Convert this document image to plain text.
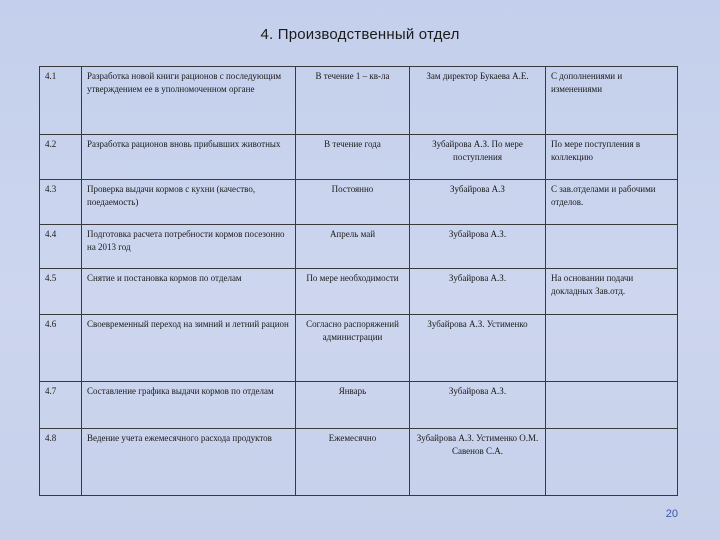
4. Производственный отдел
4.1	Разработка новой книги рационов с последующим утверждением ее в уполномоченном органе	В течение 1 – кв-ла	Зам директор Букаева А.Е.	С дополнениями и изменениями
4.2	Разработка рационов вновь прибывших животных	В течение года	Зубайрова А.З. По мере поступления	По мере поступления в коллекцию
4.3	Проверка выдачи кормов с кухни (качество, поедаемость)	Постоянно	Зубайрова А.З	С зав.отделами и рабочими отделов.
4.4	Подготовка расчета потребности кормов посезонно на 2013 год	Апрель май	Зубайрова А.З.	
4.5	Снятие и постановка кормов по отделам	По мере необходимости	Зубайрова А.З.	На основании подачи докладных Зав.отд.
4.6	Своевременный переход на зимний и летний рацион	Согласно распоряжений администрации	Зубайрова А.З. Устименко	
4.7	Составление графика выдачи кормов по отделам	Январь	Зубайрова А.З.	
4.8	Ведение учета ежемесячного расхода продуктов	Ежемесячно	Зубайрова А.З. Устименко О.М. Савенов С.А.	
20
